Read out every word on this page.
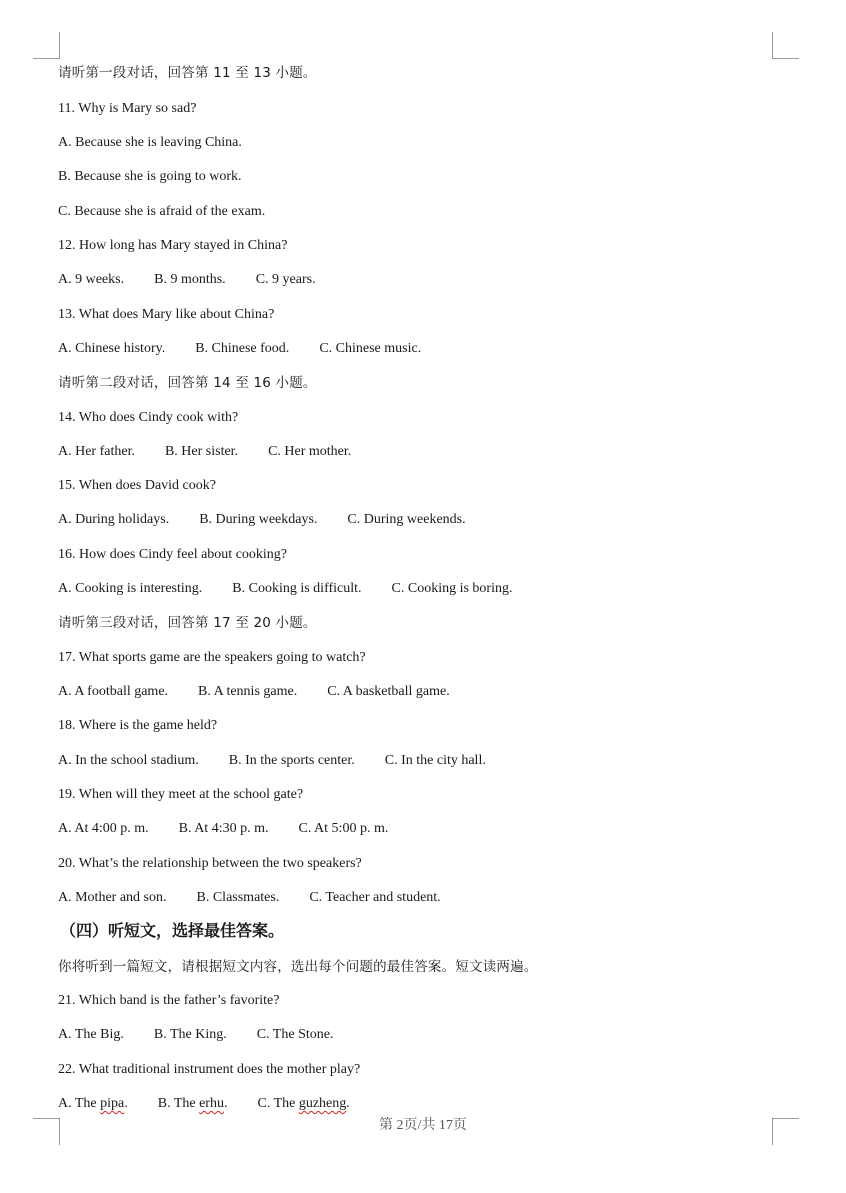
请听第一段对话，回答第 11 至 13 小题。
11. Why is Mary so sad?
A. Because she is leaving China.
B. Because she is going to work.
C. Because she is afraid of the exam.
12. How long has Mary stayed in China?
A. 9 weeks. B. 9 months. C. 9 years.
13. What does Mary like about China?
A. Chinese history. B. Chinese food. C. Chinese music.
请听第二段对话，回答第 14 至 16 小题。
14. Who does Cindy cook with?
A. Her father. B. Her sister. C. Her mother.
15. When does David cook?
A. During holidays. B. During weekdays. C. During weekends.
16. How does Cindy feel about cooking?
A. Cooking is interesting. B. Cooking is difficult. C. Cooking is boring.
请听第三段对话，回答第 17 至 20 小题。
17. What sports game are the speakers going to watch?
A. A football game. B. A tennis game. C. A basketball game.
18. Where is the game held?
A. In the school stadium. B. In the sports center. C. In the city hall.
19. When will they meet at the school gate?
A. At 4:00 p. m. B. At 4:30 p. m. C. At 5:00 p. m.
20. What’s the relationship between the two speakers?
A. Mother and son. B. Classmates. C. Teacher and student.
（四）听短文，选择最佳答案。
你将听到一篇短文，请根据短文内容，选出每个问题的最佳答案。短文读两遍。
21. Which band is the father’s favorite?
A. The Big. B. The King. C. The Stone.
22. What traditional instrument does the mother play?
A. The pipa. B. The erhu. C. The guzheng.
第 2页/共 17页
